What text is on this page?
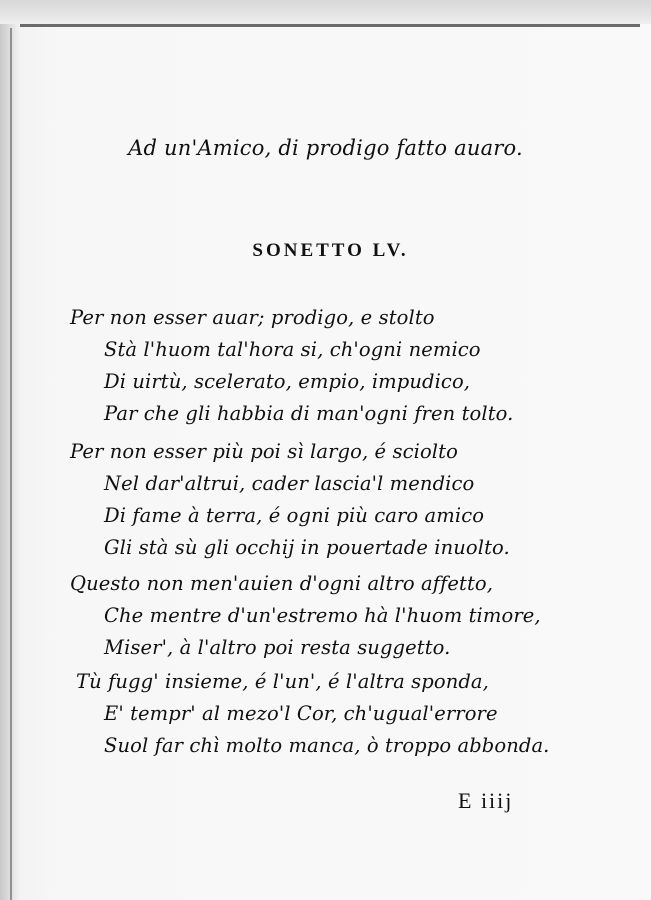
Ad un'Amico, di prodigo fatto auaro.
SONETTO LV.
Per non esser auar; prodigo, e stolto
Stà l'huom tal'hora si, ch'ogni nemico
Di uirtù, scelerato, empio, impudico,
Par che gli habbia di man'ogni fren tolto.
Per non esser più poi sì largo, é sciolto
Nel dar'altrui, cader lascia'l mendico
Di fame à terra, é ogni più caro amico
Gli stà sù gli occhij in pouertade inuolto.
Questo non men'auien d'ogni altro affetto,
Che mentre d'un'estremo hà l'huom timore,
Miser', à l'altro poi resta suggetto.
Tù fugg' insieme, é l'un', é l'altra sponda,
E' tempr' al mezo'l Cor, ch'ugual'errore
Suol far chì molto manca, ò troppo abbonda.
E iiij
